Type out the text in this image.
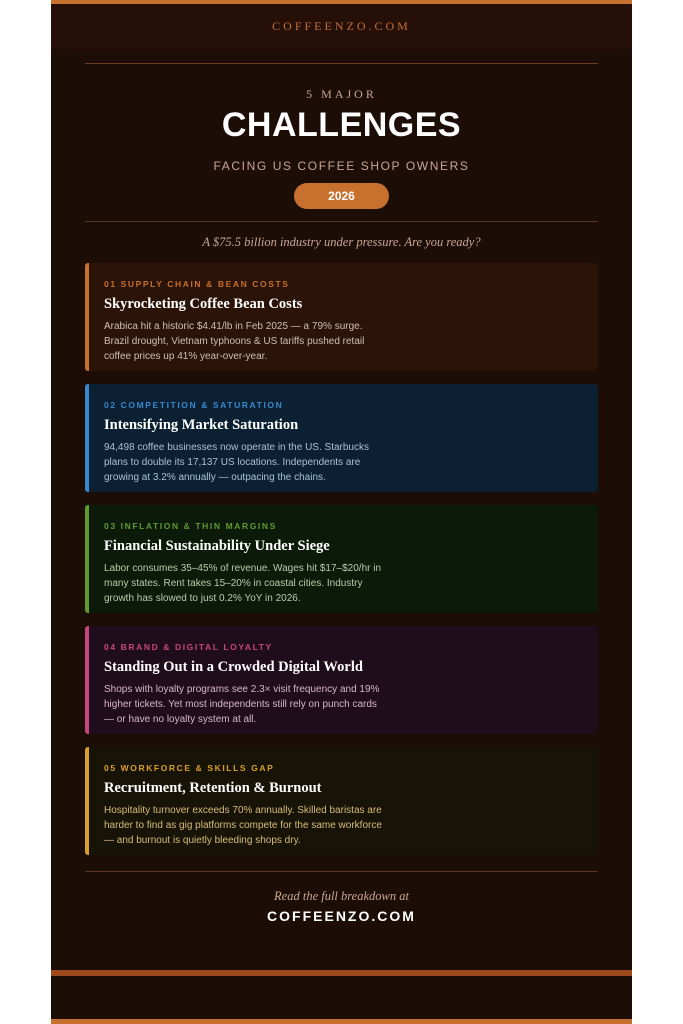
COFFEENZO.COM
5 MAJOR
CHALLENGES
FACING US COFFEE SHOP OWNERS
2026
A $75.5 billion industry under pressure. Are you ready?
01 SUPPLY CHAIN & BEAN COSTS
Skyrocketing Coffee Bean Costs
Arabica hit a historic $4.41/lb in Feb 2025 — a 79% surge. Brazil drought, Vietnam typhoons & US tariffs pushed retail coffee prices up 41% year-over-year.
02 COMPETITION & SATURATION
Intensifying Market Saturation
94,498 coffee businesses now operate in the US. Starbucks plans to double its 17,137 US locations. Independents are growing at 3.2% annually — outpacing the chains.
03 INFLATION & THIN MARGINS
Financial Sustainability Under Siege
Labor consumes 35–45% of revenue. Wages hit $17–$20/hr in many states. Rent takes 15–20% in coastal cities. Industry growth has slowed to just 0.2% YoY in 2026.
04 BRAND & DIGITAL LOYALTY
Standing Out in a Crowded Digital World
Shops with loyalty programs see 2.3× visit frequency and 19% higher tickets. Yet most independents still rely on punch cards — or have no loyalty system at all.
05 WORKFORCE & SKILLS GAP
Recruitment, Retention & Burnout
Hospitality turnover exceeds 70% annually. Skilled baristas are harder to find as gig platforms compete for the same workforce — and burnout is quietly bleeding shops dry.
Read the full breakdown at
COFFEENZO.COM
